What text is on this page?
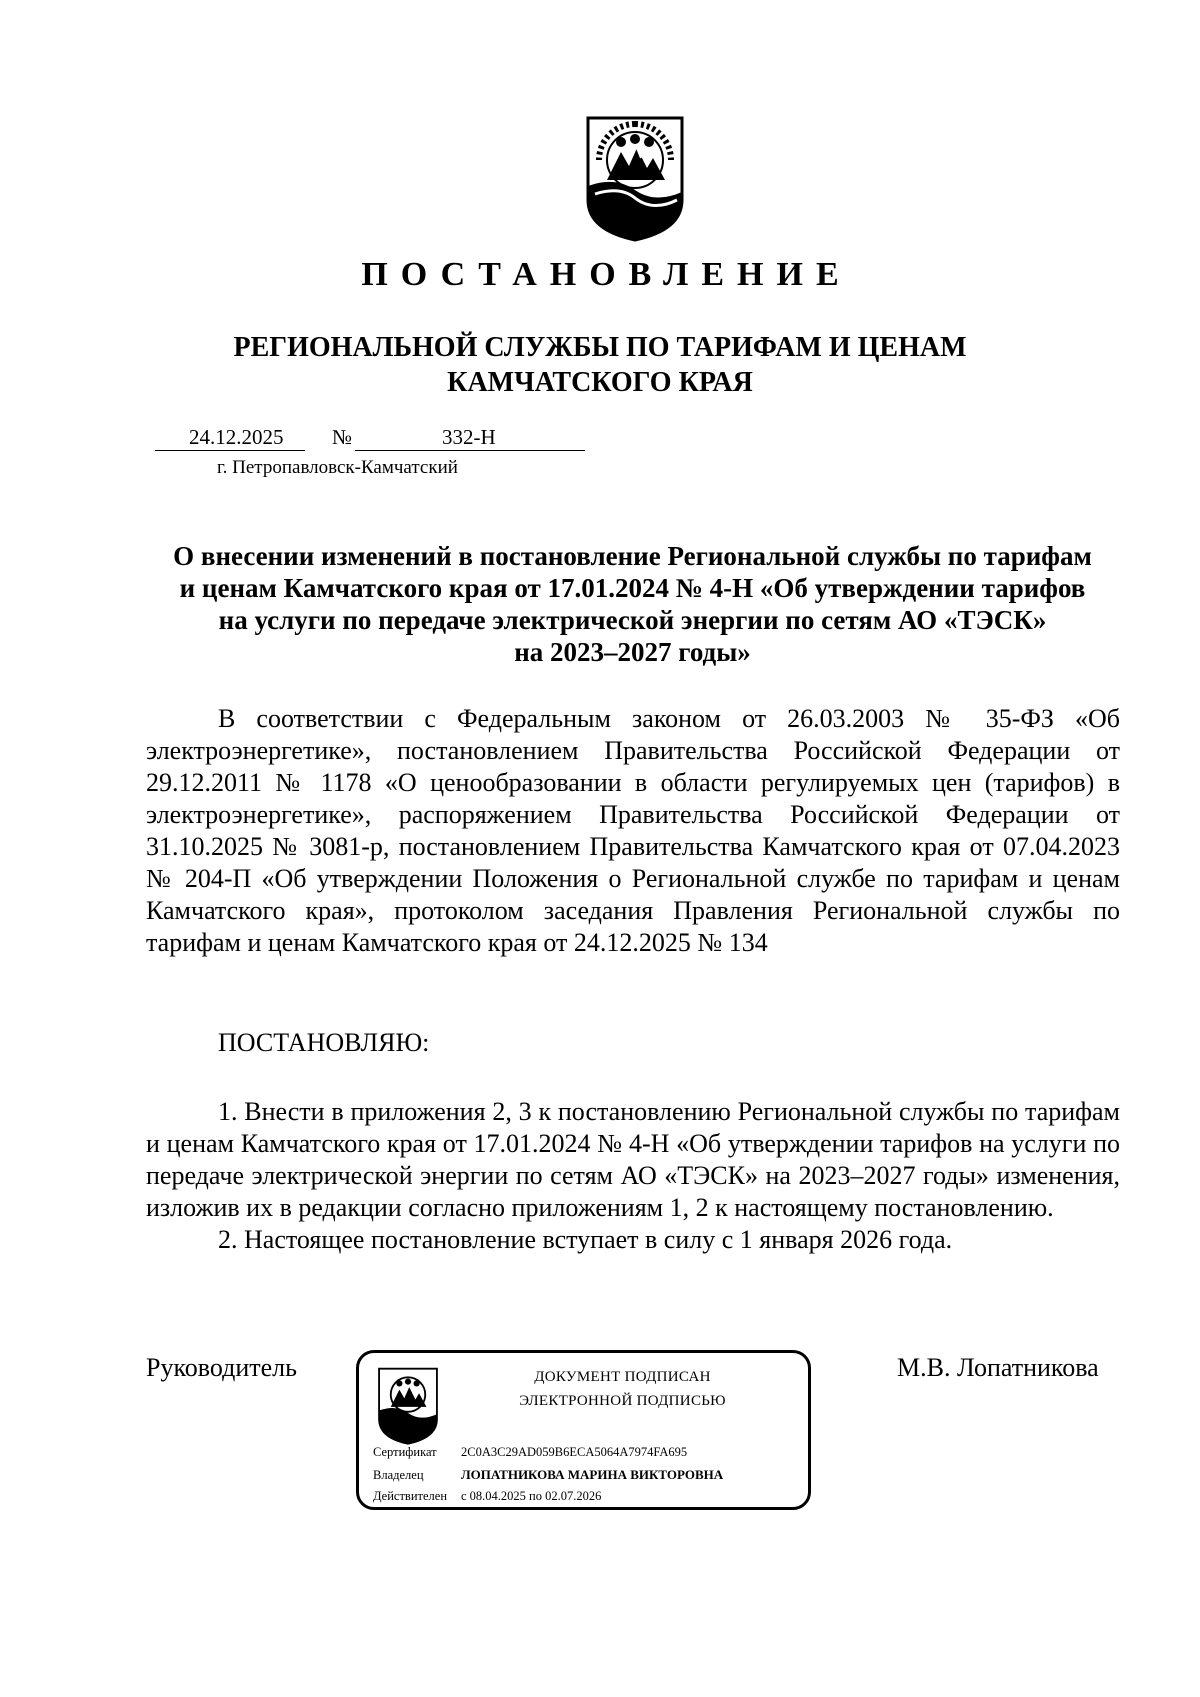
ПОСТАНОВЛЕНИЕ
РЕГИОНАЛЬНОЙ СЛУЖБЫ ПО ТАРИФАМ И ЦЕНАМ
КАМЧАТСКОГО КРАЯ
24.12.2025 №	332-Н
г. Петропавловск-Камчатский
О внесении изменений в постановление Региональной службы по тарифам
и ценам Камчатского края от 17.01.2024 № 4-Н «Об утверждении тарифов
на услуги по передаче электрической энергии по сетям АО «ТЭСК»
на 2023–2027 годы»

В соответствии с Федеральным законом от 26.03.2003 № 35-ФЗ «Об электроэнергетике», постановлением Правительства Российской Федерации от 29.12.2011 № 1178 «О ценообразовании в области регулируемых цен (тарифов) в электроэнергетике», распоряжением Правительства Российской Федерации от 31.10.2025 № 3081-р, постановлением Правительства Камчатского края от 07.04.2023 № 204-П «Об утверждении Положения о Региональной службе по тарифам и ценам Камчатского края», протоколом заседания Правления Региональной службы по тарифам и ценам Камчатского края от 24.12.2025 № 134

ПОСТАНОВЛЯЮ:

1. Внести в приложения 2, 3 к постановлению Региональной службы по тарифам и ценам Камчатского края от 17.01.2024 № 4-Н «Об утверждении тарифов на услуги по передаче электрической энергии по сетям АО «ТЭСК» на 2023–2027 годы» изменения, изложив их в редакции согласно приложениям 1, 2 к настоящему постановлению.

2. Настоящее постановление вступает в силу с 1 января 2026 года.

Руководитель	М.В. Лопатникова
ДОКУМЕНТ ПОДПИСАН
ЭЛЕКТРОННОЙ ПОДПИСЬЮ
Сертификат 2C0A3C29AD059B6ECA5064A7974FA695
Владелец	ЛОПАТНИКОВА МАРИНА ВИКТОРОВНА
Действителен с 08.04.2025 по 02.07.2026
